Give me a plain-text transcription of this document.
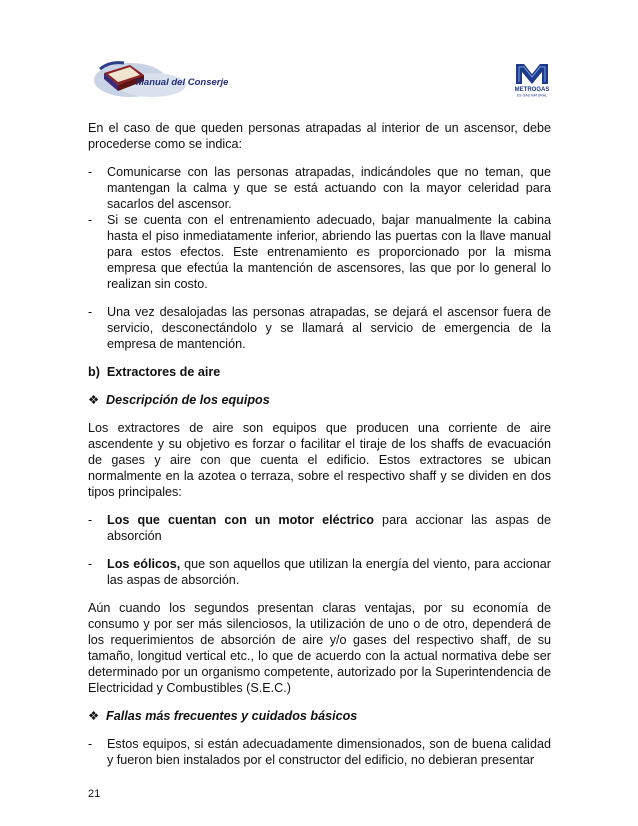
Manual del Conserje
METROGAS
ES GAS NATURAL

En el caso de que queden personas atrapadas al interior de un ascensor, debe procederse como se indica:

- Comunicarse con las personas atrapadas, indicándoles que no teman, que mantengan la calma y que se está actuando con la mayor celeridad para sacarlos del ascensor.
- Si se cuenta con el entrenamiento adecuado, bajar manualmente la cabina hasta el piso inmediatamente inferior, abriendo las puertas con la llave manual para estos efectos. Este entrenamiento es proporcionado por la misma empresa que efectúa la mantención de ascensores, las que por lo general lo realizan sin costo.
- Una vez desalojadas las personas atrapadas, se dejará el ascensor fuera de servicio, desconectándolo y se llamará al servicio de emergencia de la empresa de mantención.

b)  Extractores de aire

❖ Descripción de los equipos

Los extractores de aire son equipos que producen una corriente de aire ascendente y su objetivo es forzar o facilitar el tiraje de los shaffs de evacuación de gases y aire con que cuenta el edificio. Estos extractores se ubican normalmente en la azotea o terraza, sobre el respectivo shaff y se dividen en dos tipos principales:

- Los que cuentan con un motor eléctrico para accionar las aspas de absorción
- Los eólicos, que son aquellos que utilizan la energía del viento, para accionar las aspas de absorción.

Aún cuando los segundos presentan claras ventajas, por su economía de consumo y por ser más silenciosos, la utilización de uno o de otro, dependerá de los requerimientos de absorción de aire y/o gases del respectivo shaff, de su tamaño, longitud vertical etc., lo que de acuerdo con la actual normativa debe ser determinado por un organismo competente, autorizado por la Superintendencia de Electricidad y Combustibles (S.E.C.)

❖ Fallas más frecuentes y cuidados básicos

- Estos equipos, si están adecuadamente dimensionados, son de buena calidad y fueron bien instalados por el constructor del edificio, no debieran presentar
21
